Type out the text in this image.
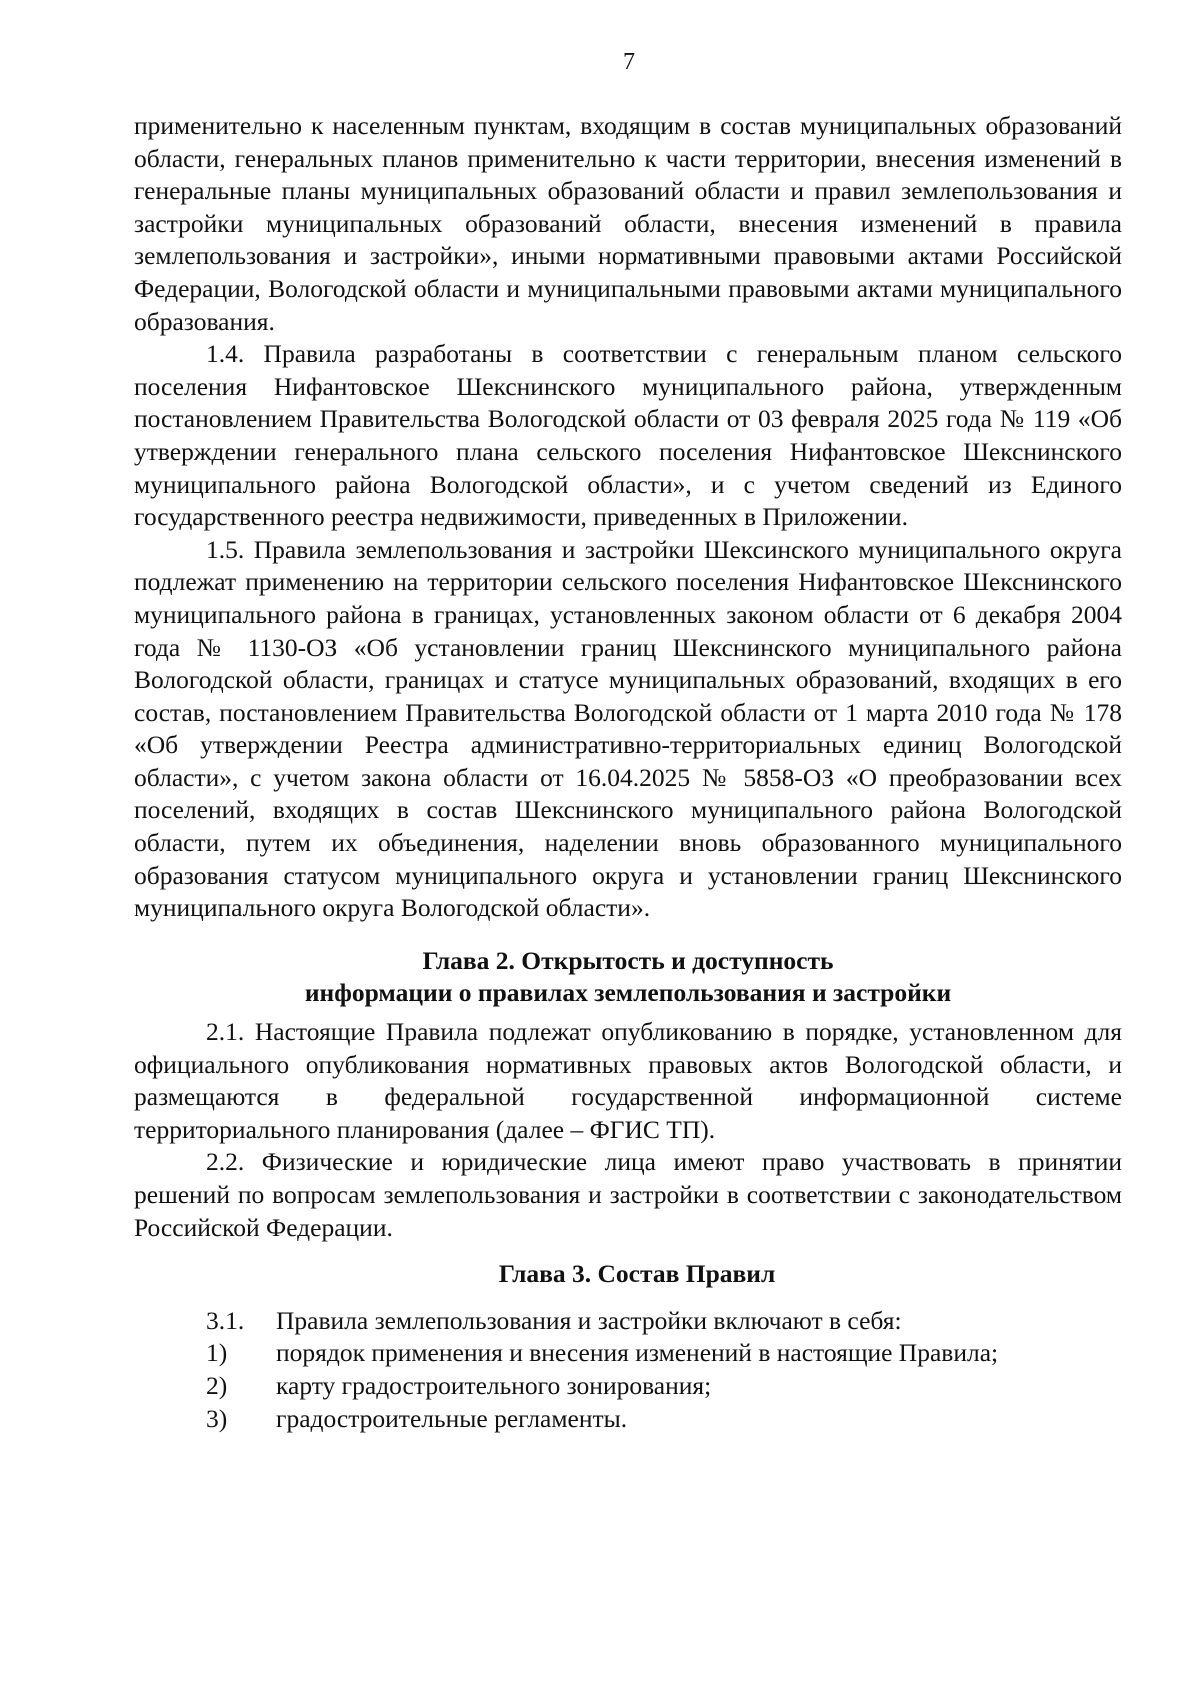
7

применительно к населенным пунктам, входящим в состав муниципальных образований области, генеральных планов применительно к части территории, внесения изменений в генеральные планы муниципальных образований области и правил землепользования и застройки муниципальных образований области, внесения изменений в правила землепользования и застройки», иными нормативными правовыми актами Российской Федерации, Вологодской области и муниципальными правовыми актами муниципального образования.

1.4. Правила разработаны в соответствии с генеральным планом сельского поселения Нифантовское Шекснинского муниципального района, утвержденным постановлением Правительства Вологодской области от 03 февраля 2025 года № 119 «Об утверждении генерального плана сельского поселения Нифантовское Шекснинского муниципального района Вологодской области», и с учетом сведений из Единого государственного реестра недвижимости, приведенных в Приложении.

1.5. Правила землепользования и застройки Шексинского муниципального округа подлежат применению на территории сельского поселения Нифантовское Шекснинского муниципального района в границах, установленных законом области от 6 декабря 2004 года № 1130-ОЗ «Об установлении границ Шекснинского муниципального района Вологодской области, границах и статусе муниципальных образований, входящих в его состав, постановлением Правительства Вологодской области от 1 марта 2010 года № 178 «Об утверждении Реестра административно-территориальных единиц Вологодской области», с учетом закона области от 16.04.2025 № 5858-ОЗ «О преобразовании всех поселений, входящих в состав Шекснинского муниципального района Вологодской области, путем их объединения, наделении вновь образованного муниципального образования статусом муниципального округа и установлении границ Шекснинского муниципального округа Вологодской области».

Глава 2. Открытость и доступность

информации о правилах землепользования и застройки

2.1. Настоящие Правила подлежат опубликованию в порядке, установленном для официального опубликования нормативных правовых актов Вологодской области, и размещаются в федеральной государственной информационной системе территориального планирования (далее – ФГИС ТП).

2.2. Физические и юридические лица имеют право участвовать в принятии решений по вопросам землепользования и застройки в соответствии с законодательством Российской Федерации.

Глава 3. Состав Правил

3.1.	Правила землепользования и застройки включают в себя:
1)	порядок применения и внесения изменений в настоящие Правила;
2)	карту градостроительного зонирования;
3)	градостроительные регламенты.
